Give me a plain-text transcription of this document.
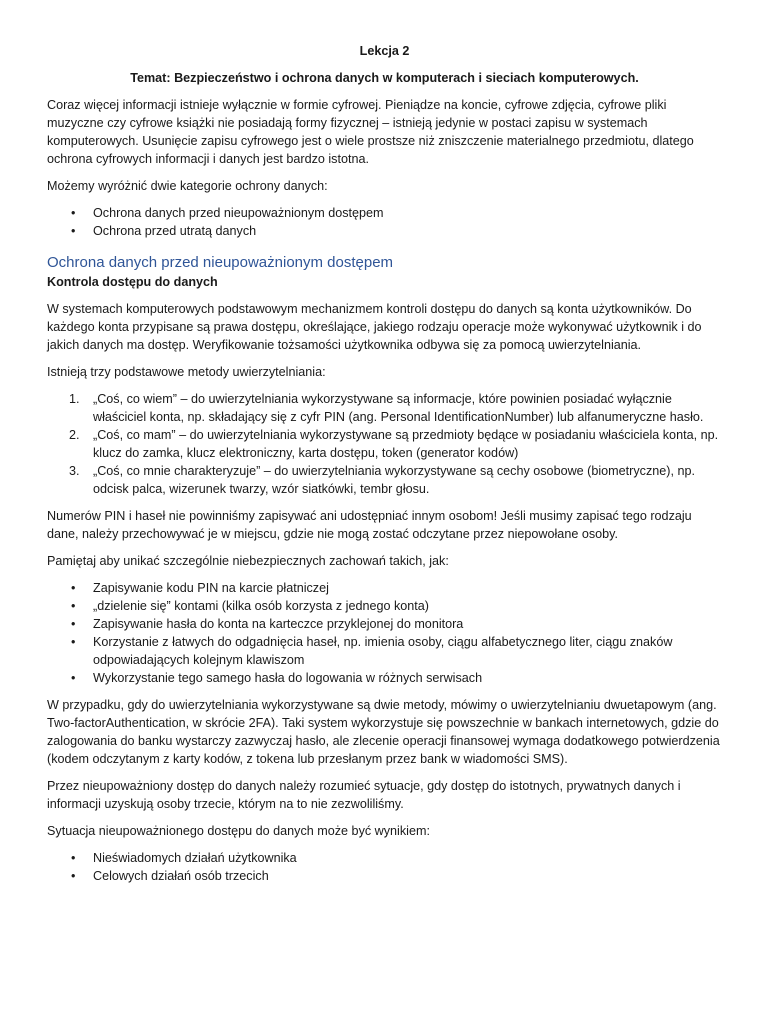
Lekcja 2
Temat: Bezpieczeństwo i ochrona danych w komputerach i sieciach komputerowych.

Coraz więcej informacji istnieje wyłącznie w formie cyfrowej. Pieniądze na koncie, cyfrowe zdjęcia, cyfrowe pliki muzyczne czy cyfrowe książki nie posiadają formy fizycznej – istnieją jedynie w postaci zapisu w systemach komputerowych. Usunięcie zapisu cyfrowego jest o wiele prostsze niż zniszczenie materialnego przedmiotu, dlatego ochrona cyfrowych informacji i danych jest bardzo istotna.

Możemy wyróżnić dwie kategorie ochrony danych:

• Ochrona danych przed nieupoważnionym dostępem
• Ochrona przed utratą danych
Ochrona danych przed nieupoważnionym dostępem
Kontrola dostępu do danych

W systemach komputerowych podstawowym mechanizmem kontroli dostępu do danych są konta użytkowników. Do każdego konta przypisane są prawa dostępu, określające, jakiego rodzaju operacje może wykonywać użytkownik i do jakich danych ma dostęp. Weryfikowanie tożsamości użytkownika odbywa się za pomocą uwierzytelniania.

Istnieją trzy podstawowe metody uwierzytelniania:

1. „Coś, co wiem” – do uwierzytelniania wykorzystywane są informacje, które powinien posiadać wyłącznie właściciel konta, np. składający się z cyfr PIN (ang. Personal IdentificationNumber) lub alfanumeryczne hasło.
2. „Coś, co mam” – do uwierzytelniania wykorzystywane są przedmioty będące w posiadaniu właściciela konta, np. klucz do zamka, klucz elektroniczny, karta dostępu, token (generator kodów)
3. „Coś, co mnie charakteryzuje” – do uwierzytelniania wykorzystywane są cechy osobowe (biometryczne), np. odcisk palca, wizerunek twarzy, wzór siatkówki, tembr głosu.

Numerów PIN i haseł nie powinniśmy zapisywać ani udostępniać innym osobom! Jeśli musimy zapisać tego rodzaju dane, należy przechowywać je w miejscu, gdzie nie mogą zostać odczytane przez niepowołane osoby.

Pamiętaj aby unikać szczególnie niebezpiecznych zachowań takich, jak:

• Zapisywanie kodu PIN na karcie płatniczej
• „dzielenie się” kontami (kilka osób korzysta z jednego konta)
• Zapisywanie hasła do konta na karteczce przyklejonej do monitora
• Korzystanie z łatwych do odgadnięcia haseł, np. imienia osoby, ciągu alfabetycznego liter, ciągu znaków odpowiadających kolejnym klawiszom
• Wykorzystanie tego samego hasła do logowania w różnych serwisach

W przypadku, gdy do uwierzytelniania wykorzystywane są dwie metody, mówimy o uwierzytelnianiu dwuetapowym (ang. Two-factorAuthentication, w skrócie 2FA). Taki system wykorzystuje się powszechnie w bankach internetowych, gdzie do zalogowania do banku wystarczy zazwyczaj hasło, ale zlecenie operacji finansowej wymaga dodatkowego potwierdzenia (kodem odczytanym z karty kodów, z tokena lub przesłanym przez bank w wiadomości SMS).

Przez nieupoważniony dostęp do danych należy rozumieć sytuacje, gdy dostęp do istotnych, prywatnych danych i informacji uzyskują osoby trzecie, którym na to nie zezwoliliśmy.

Sytuacja nieupoważnionego dostępu do danych może być wynikiem:

• Nieświadomych działań użytkownika
• Celowych działań osób trzecich
